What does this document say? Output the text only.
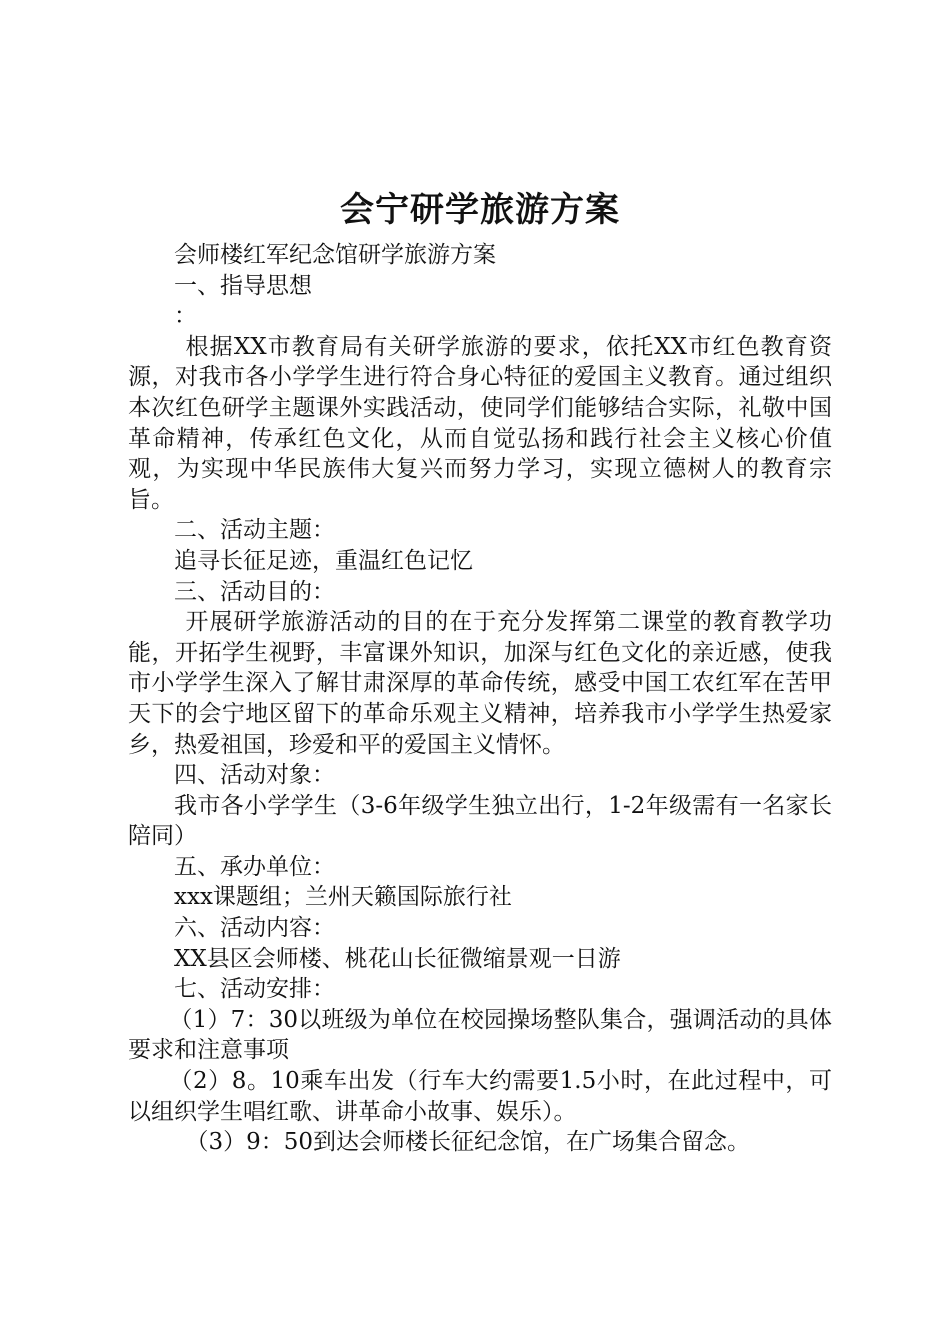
会宁研学旅游方案

会师楼红军纪念馆研学旅游方案

一、指导思想

：

根据XX市教育局有关研学旅游的要求，依托XX市红色教育资源，对我市各小学学生进行符合身心特征的爱国主义教育。通过组织本次红色研学主题课外实践活动，使同学们能够结合实际，礼敬中国革命精神，传承红色文化，从而自觉弘扬和践行社会主义核心价值观，为实现中华民族伟大复兴而努力学习，实现立德树人的教育宗旨。

二、活动主题：

追寻长征足迹，重温红色记忆

三、活动目的：

开展研学旅游活动的目的在于充分发挥第二课堂的教育教学功能，开拓学生视野，丰富课外知识，加深与红色文化的亲近感，使我市小学学生深入了解甘肃深厚的革命传统，感受中国工农红军在苦甲天下的会宁地区留下的革命乐观主义精神，培养我市小学学生热爱家乡，热爱祖国，珍爱和平的爱国主义情怀。

四、活动对象：

我市各小学学生（3-6年级学生独立出行，1-2年级需有一名家长陪同）

五、承办单位：

xxx课题组；兰州天籁国际旅行社

六、活动内容：

XX县区会师楼、桃花山长征微缩景观一日游

七、活动安排：

（1）7：30以班级为单位在校园操场整队集合，强调活动的具体要求和注意事项

（2）8。10乘车出发（行车大约需要1.5小时，在此过程中，可以组织学生唱红歌、讲革命小故事、娱乐）。

（3）9：50到达会师楼长征纪念馆，在广场集合留念。
